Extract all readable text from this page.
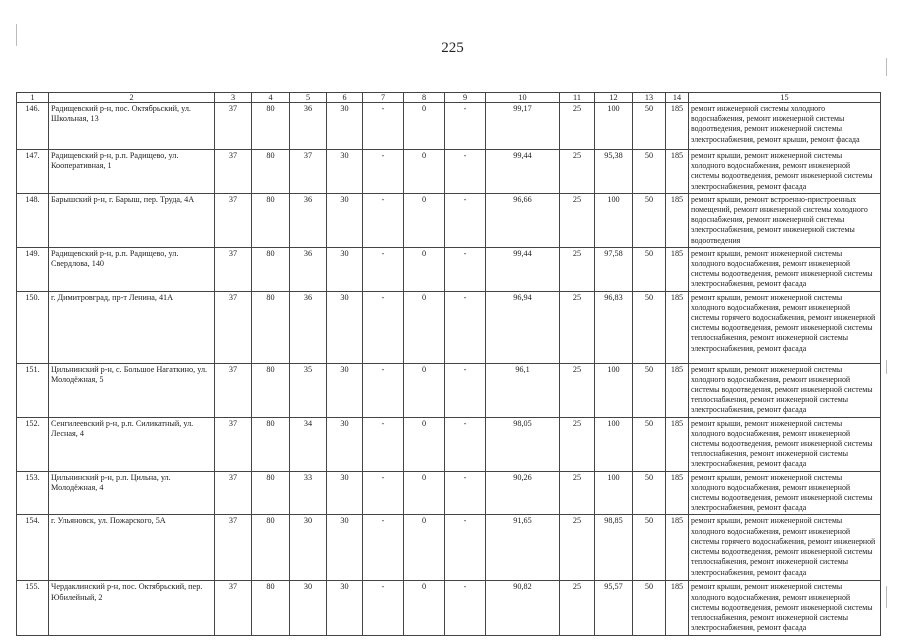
225
1	2	3	4	5	6	7	8	9	10	11	12	13	14	15
146.	Радищевский р-н, пос. Октябрьский, ул. Школьная, 13	37	80	36	30	-	0	-	99,17	25	100	50	185	ремонт инженерной системы холодного водоснабжения, ремонт инженерной системы водоотведения, ремонт инженерной системы электроснабжения, ремонт крыши, ремонт фасада
147.	Радищевский р-н, р.п. Радищево, ул. Кооперативная, 1	37	80	37	30	-	0	-	99,44	25	95,38	50	185	ремонт крыши, ремонт инженерной системы холодного водоснабжения, ремонт инженерной системы водоотведения, ремонт инженерной системы электроснабжения, ремонт фасада
148.	Барышский р-н, г. Барыш, пер. Труда, 4А	37	80	36	30	-	0	-	96,66	25	100	50	185	ремонт крыши, ремонт встроенно-пристроенных помещений, ремонт инженерной системы холодного водоснабжения, ремонт инженерной системы электроснабжения, ремонт инженерной системы водоотведения
149.	Радищевский р-н, р.п. Радищево, ул. Свердлова, 140	37	80	36	30	-	0	-	99,44	25	97,58	50	185	ремонт крыши, ремонт инженерной системы холодного водоснабжения, ремонт инженерной системы водоотведения, ремонт инженерной системы электроснабжения, ремонт фасада
150.	г. Димитровград, пр-т Ленина, 41А	37	80	36	30	-	0	-	96,94	25	96,83	50	185	ремонт крыши, ремонт инженерной системы холодного водоснабжения, ремонт инженерной системы горячего водоснабжения, ремонт инженерной системы водоотведения, ремонт инженерной системы теплоснабжения, ремонт инженерной системы электроснабжения, ремонт фасада
151.	Цильнинский р-н, с. Большое Нагаткино, ул. Молодёжная, 5	37	80	35	30	-	0	-	96,1	25	100	50	185	ремонт крыши, ремонт инженерной системы холодного водоснабжения, ремонт инженерной системы водоотведения, ремонт инженерной системы теплоснабжения, ремонт инженерной системы электроснабжения, ремонт фасада
152.	Сенгилеевский р-н, р.п. Силикатный, ул. Лесная, 4	37	80	34	30	-	0	-	98,05	25	100	50	185	ремонт крыши, ремонт инженерной системы холодного водоснабжения, ремонт инженерной системы водоотведения, ремонт инженерной системы теплоснабжения, ремонт инженерной системы электроснабжения, ремонт фасада
153.	Цильнинский р-н, р.п. Цильна, ул. Молодёжная, 4	37	80	33	30	-	0	-	90,26	25	100	50	185	ремонт крыши, ремонт инженерной системы холодного водоснабжения, ремонт инженерной системы водоотведения, ремонт инженерной системы электроснабжения, ремонт фасада
154.	г. Ульяновск, ул. Пожарского, 5А	37	80	30	30	-	0	-	91,65	25	98,85	50	185	ремонт крыши, ремонт инженерной системы холодного водоснабжения, ремонт инженерной системы горячего водоснабжения, ремонт инженерной системы водоотведения, ремонт инженерной системы теплоснабжения, ремонт инженерной системы электроснабжения, ремонт фасада
155.	Чердаклинский р-н, пос. Октябрьский, пер. Юбилейный, 2	37	80	30	30	-	0	-	90,82	25	95,57	50	185	ремонт крыши, ремонт инженерной системы холодного водоснабжения, ремонт инженерной системы водоотведения, ремонт инженерной системы теплоснабжения, ремонт инженерной системы электроснабжения, ремонт фасада
